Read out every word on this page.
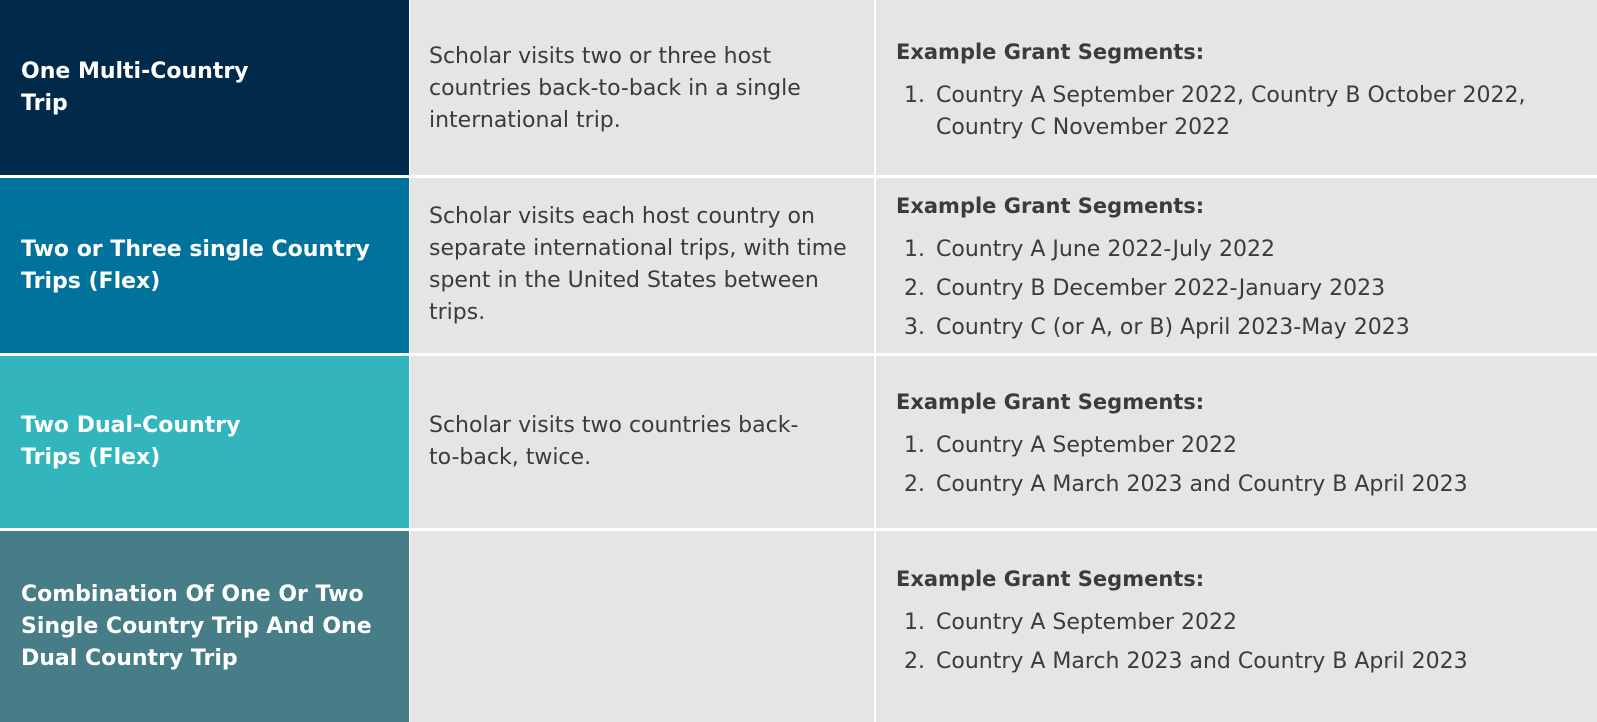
One Multi-Country Trip
Scholar visits two or three host countries back-to-back in a single international trip.
Example Grant Segments:
1. Country A September 2022, Country B October 2022, Country C November 2022
Two or Three single Country Trips (Flex)
Scholar visits each host country on separate international trips, with time spent in the United States between trips.
Example Grant Segments:
1. Country A June 2022-July 2022
2. Country B December 2022-January 2023
3. Country C (or A, or B) April 2023-May 2023
Two Dual-Country Trips (Flex)
Scholar visits two countries back-to-back, twice.
Example Grant Segments:
1. Country A September 2022
2. Country A March 2023 and Country B April 2023
Combination Of One Or Two Single Country Trip And One Dual Country Trip
Example Grant Segments:
1. Country A September 2022
2. Country A March 2023 and Country B April 2023
